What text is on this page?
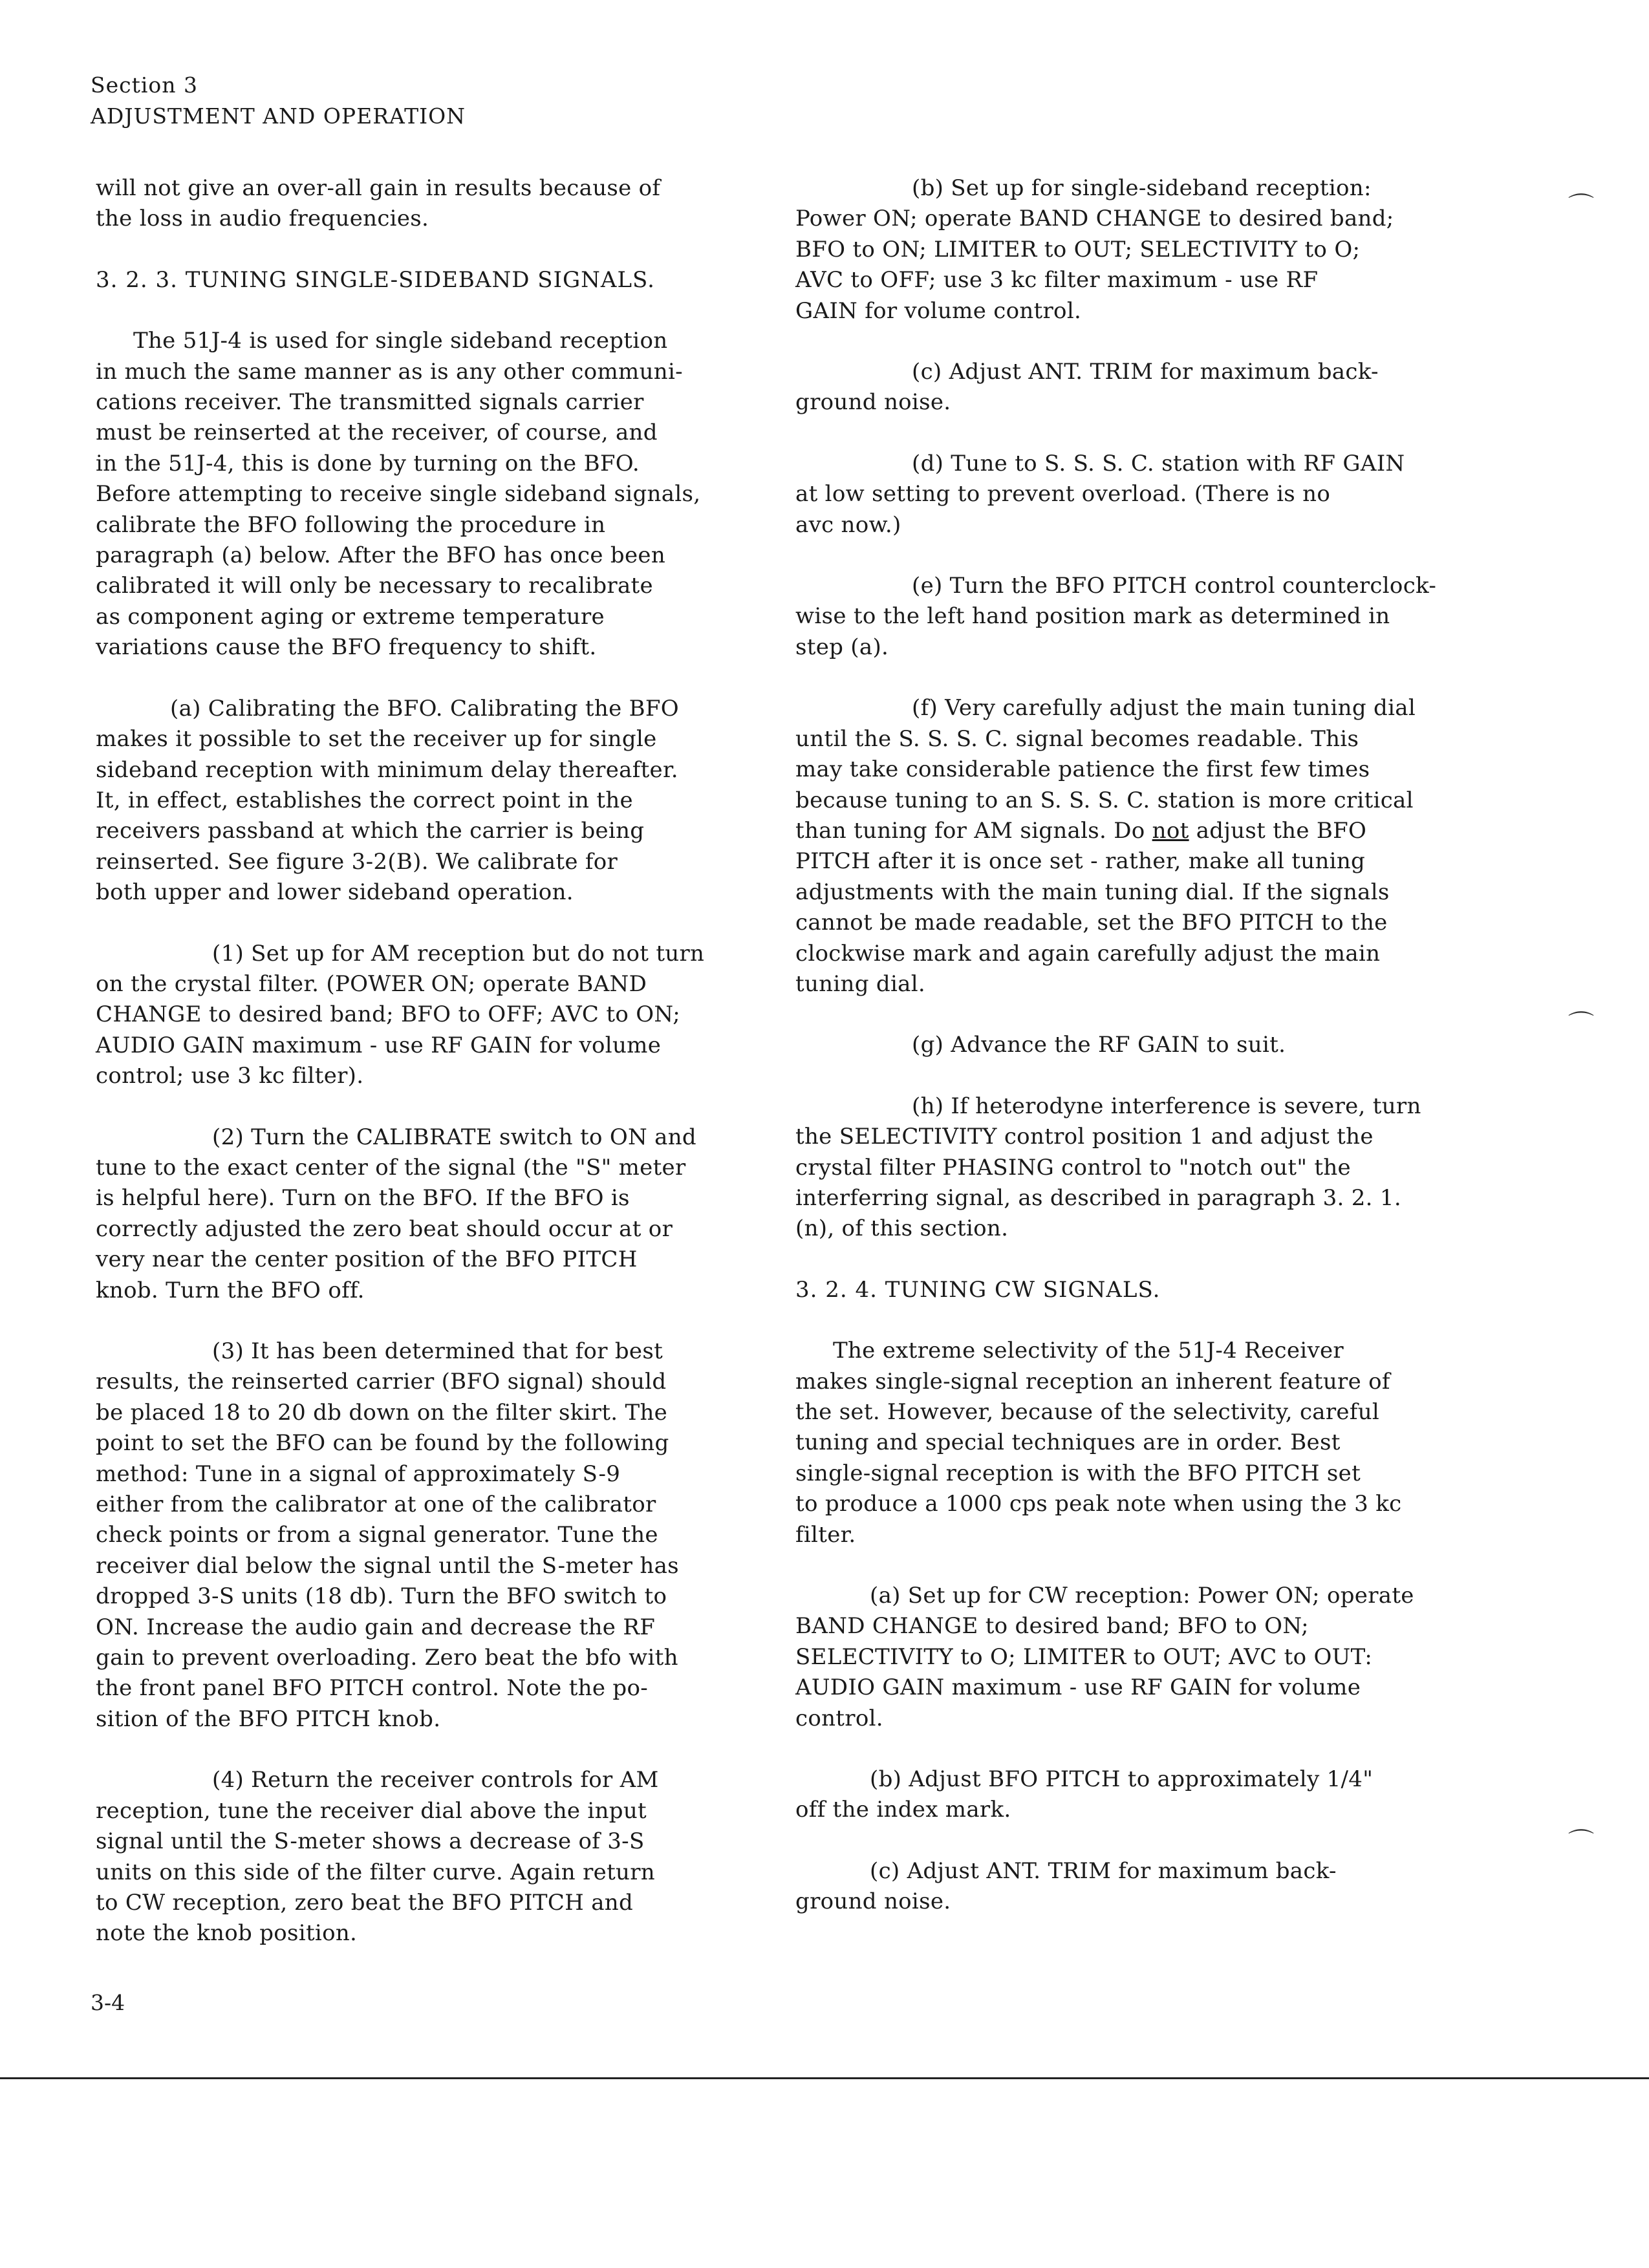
Section 3
ADJUSTMENT AND OPERATION

will not give an over-all gain in results because of
the loss in audio frequencies.

3. 2. 3. TUNING SINGLE-SIDEBAND SIGNALS.

The 51J-4 is used for single sideband reception
in much the same manner as is any other communi-
cations receiver. The transmitted signals carrier
must be reinserted at the receiver, of course, and
in the 51J-4, this is done by turning on the BFO.
Before attempting to receive single sideband signals,
calibrate the BFO following the procedure in
paragraph (a) below. After the BFO has once been
calibrated it will only be necessary to recalibrate
as component aging or extreme temperature
variations cause the BFO frequency to shift.

(a) Calibrating the BFO. Calibrating the BFO
makes it possible to set the receiver up for single
sideband reception with minimum delay thereafter.
It, in effect, establishes the correct point in the
receivers passband at which the carrier is being
reinserted. See figure 3-2(B). We calibrate for
both upper and lower sideband operation.

(1) Set up for AM reception but do not turn
on the crystal filter. (POWER ON; operate BAND
CHANGE to desired band; BFO to OFF; AVC to ON;
AUDIO GAIN maximum - use RF GAIN for volume
control; use 3 kc filter).

(2) Turn the CALIBRATE switch to ON and
tune to the exact center of the signal (the "S" meter
is helpful here). Turn on the BFO. If the BFO is
correctly adjusted the zero beat should occur at or
very near the center position of the BFO PITCH
knob. Turn the BFO off.

(3) It has been determined that for best
results, the reinserted carrier (BFO signal) should
be placed 18 to 20 db down on the filter skirt. The
point to set the BFO can be found by the following
method: Tune in a signal of approximately S-9
either from the calibrator at one of the calibrator
check points or from a signal generator. Tune the
receiver dial below the signal until the S-meter has
dropped 3-S units (18 db). Turn the BFO switch to
ON. Increase the audio gain and decrease the RF
gain to prevent overloading. Zero beat the bfo with
the front panel BFO PITCH control. Note the po-
sition of the BFO PITCH knob.

(4) Return the receiver controls for AM
reception, tune the receiver dial above the input
signal until the S-meter shows a decrease of 3-S
units on this side of the filter curve. Again return
to CW reception, zero beat the BFO PITCH and
note the knob position.

(b) Set up for single-sideband reception:
Power ON; operate BAND CHANGE to desired band;
BFO to ON; LIMITER to OUT; SELECTIVITY to O;
AVC to OFF; use 3 kc filter maximum - use RF
GAIN for volume control.

(c) Adjust ANT. TRIM for maximum back-
ground noise.

(d) Tune to S. S. S. C. station with RF GAIN
at low setting to prevent overload. (There is no
avc now.)

(e) Turn the BFO PITCH control counterclock-
wise to the left hand position mark as determined in
step (a).

(f) Very carefully adjust the main tuning dial
until the S. S. S. C. signal becomes readable. This
may take considerable patience the first few times
because tuning to an S. S. S. C. station is more critical
than tuning for AM signals. Do not adjust the BFO
PITCH after it is once set - rather, make all tuning
adjustments with the main tuning dial. If the signals
cannot be made readable, set the BFO PITCH to the
clockwise mark and again carefully adjust the main
tuning dial.

(g) Advance the RF GAIN to suit.

(h) If heterodyne interference is severe, turn
the SELECTIVITY control position 1 and adjust the
crystal filter PHASING control to "notch out" the
interferring signal, as described in paragraph 3. 2. 1.
(n), of this section.

3. 2. 4. TUNING CW SIGNALS.

The extreme selectivity of the 51J-4 Receiver
makes single-signal reception an inherent feature of
the set. However, because of the selectivity, careful
tuning and special techniques are in order. Best
single-signal reception is with the BFO PITCH set
to produce a 1000 cps peak note when using the 3 kc
filter.

(a) Set up for CW reception: Power ON; operate
BAND CHANGE to desired band; BFO to ON;
SELECTIVITY to O; LIMITER to OUT; AVC to OUT:
AUDIO GAIN maximum - use RF GAIN for volume
control.

(b) Adjust BFO PITCH to approximately 1/4"
off the index mark.

(c) Adjust ANT. TRIM for maximum back-
ground noise.

3-4
⌒
⌒
⌒
